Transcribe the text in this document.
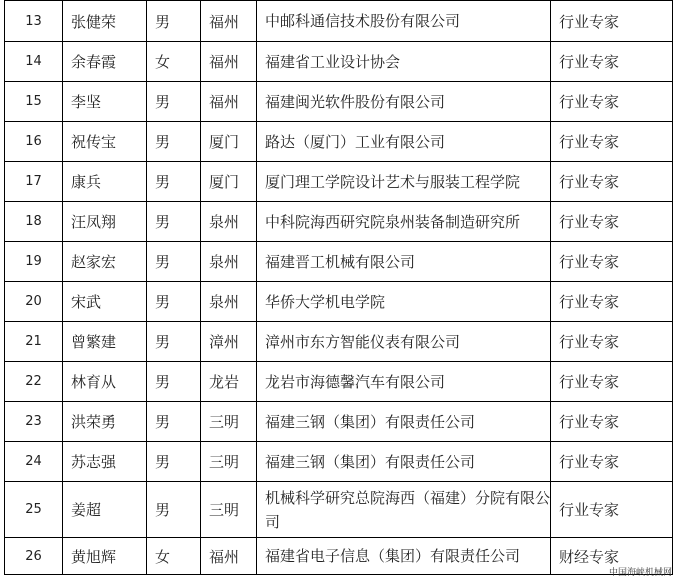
13	张健荣	男	福州	中邮科通信技术股份有限公司	行业专家
14	余春霞	女	福州	福建省工业设计协会	行业专家
15	李坚	男	福州	福建闽光软件股份有限公司	行业专家
16	祝传宝	男	厦门	路达（厦门）工业有限公司	行业专家
17	康兵	男	厦门	厦门理工学院设计艺术与服装工程学院	行业专家
18	汪凤翔	男	泉州	中科院海西研究院泉州装备制造研究所	行业专家
19	赵家宏	男	泉州	福建晋工机械有限公司	行业专家
20	宋武	男	泉州	华侨大学机电学院	行业专家
21	曾繁建	男	漳州	漳州市东方智能仪表有限公司	行业专家
22	林育从	男	龙岩	龙岩市海德馨汽车有限公司	行业专家
23	洪荣勇	男	三明	福建三钢（集团）有限责任公司	行业专家
24	苏志强	男	三明	福建三钢（集团）有限责任公司	行业专家
25	姜超	男	三明	机械科学研究总院海西（福建）分院有限公司	行业专家
26	黄旭辉	女	福州	福建省电子信息（集团）有限责任公司	财经专家
中国海峡机械网
